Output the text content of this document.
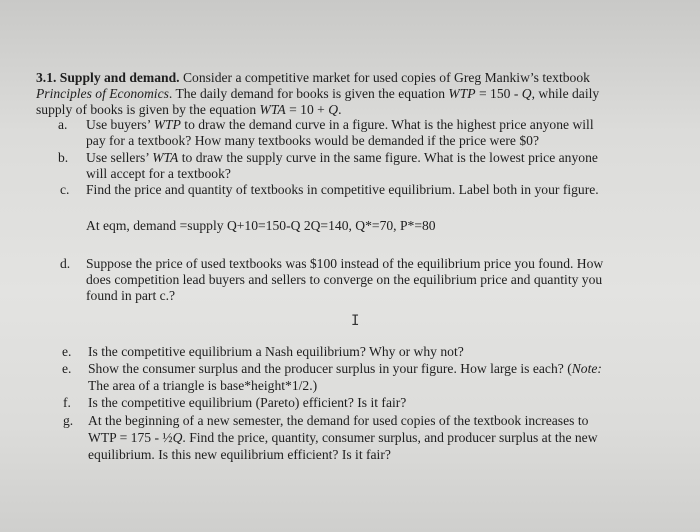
3.1. Supply and demand. Consider a competitive market for used copies of Greg Mankiw’s textbook
Principles of Economics. The daily demand for books is given the equation WTP = 150 - Q, while daily
supply of books is given by the equation WTA = 10 + Q.
a. Use buyers’ WTP to draw the demand curve in a figure. What is the highest price anyone will
pay for a textbook? How many textbooks would be demanded if the price were $0?
b. Use sellers’ WTA to draw the supply curve in the same figure. What is the lowest price anyone
will accept for a textbook?
c. Find the price and quantity of textbooks in competitive equilibrium. Label both in your figure.
At eqm, demand =supply Q+10=150-Q 2Q=140, Q*=70, P*=80
d. Suppose the price of used textbooks was $100 instead of the equilibrium price you found. How
does competition lead buyers and sellers to converge on the equilibrium price and quantity you
found in part c.?
I
e. Is the competitive equilibrium a Nash equilibrium? Why or why not?
e. Show the consumer surplus and the producer surplus in your figure. How large is each? (Note:
The area of a triangle is base*height*1/2.)
f. Is the competitive equilibrium (Pareto) efficient? Is it fair?
g. At the beginning of a new semester, the demand for used copies of the textbook increases to
WTP = 175 - ½Q. Find the price, quantity, consumer surplus, and producer surplus at the new
equilibrium. Is this new equilibrium efficient? Is it fair?
